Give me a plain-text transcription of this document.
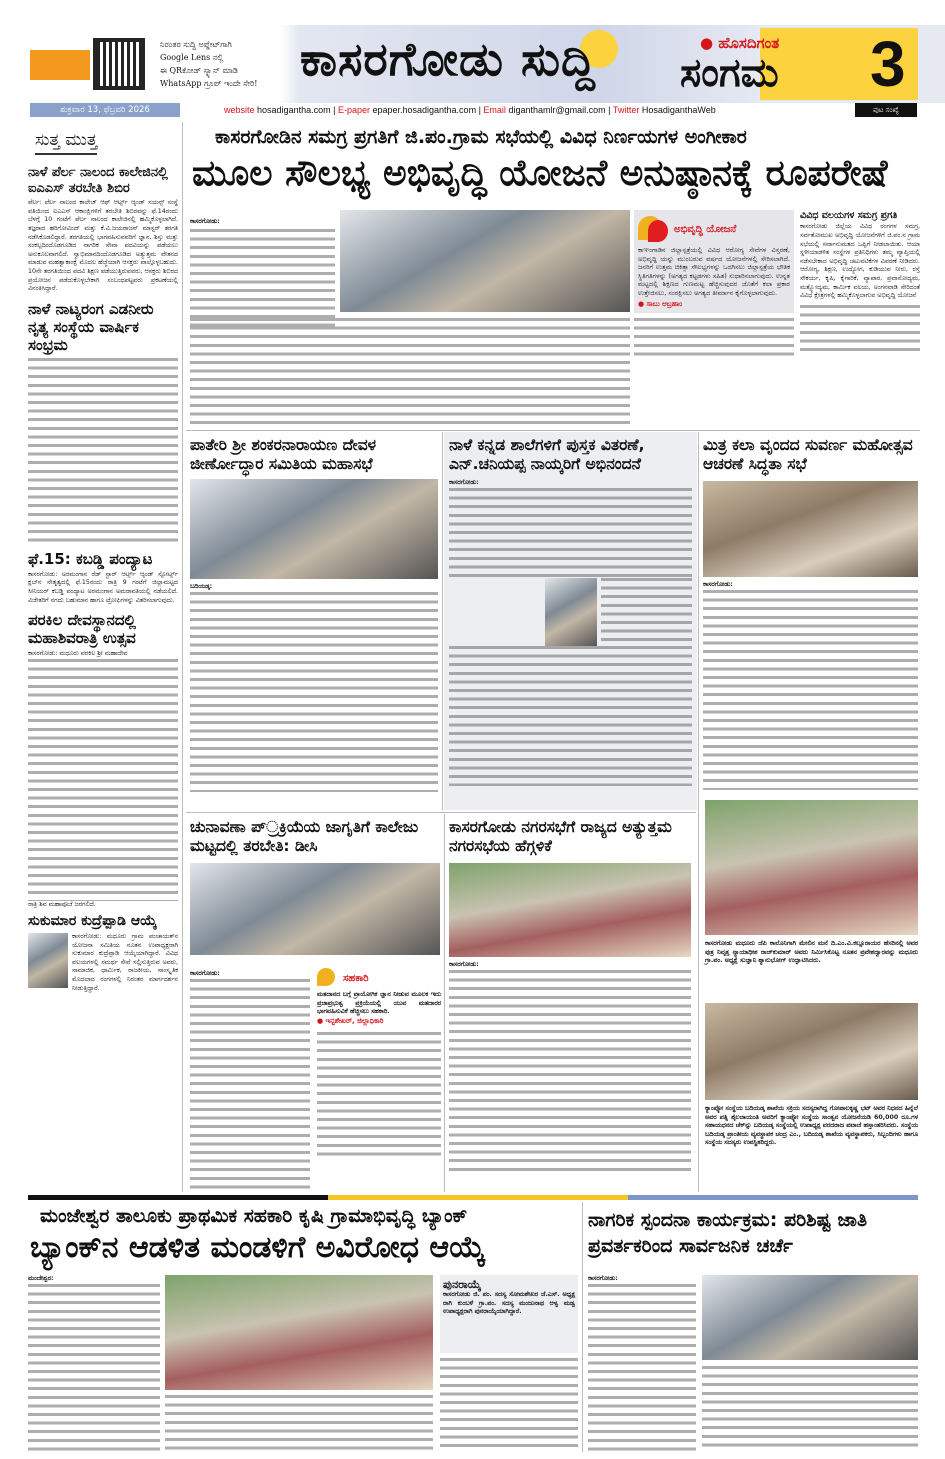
ನಿರಂತರ ಸುದ್ದಿ ಅಪ್ಡೇಟ್‌ಗಾಗಿ
Google Lens ನಲ್ಲಿ
ಈ QRಕೋಡ್ ಸ್ಕ್ಯಾನ್ ಮಾಡಿ
WhatsApp ಗ್ರೂಪ್ ಇಂದೇ ಸೇರಿ! ಕಾಸರಗೋಡು ಸುದ್ದಿ	● ಹೊಸದಿಗಂತ
ಸಂಗಮ 3
ಶುಕ್ರವಾರ 13, ಫೆಬ್ರವರಿ 2026	website hosadigantha.com | E-paper epaper.hosadigantha.com | Email diganthamlr@gmail.com | Twitter HosadiganthaWeb	ಪುಟ ಸಂಖ್ಯೆ
ಸುತ್ತ ಮುತ್ತ
ನಾಳೆ ಪೆರ್ಲ ನಾಲಂದ ಕಾಲೇಜಿನಲ್ಲಿ ಐಎಎಸ್ ತರಬೇತಿ ಶಿಬಿರ
ಪೆರ್ಲ: ಪೆರ್ಲ ನಾಲಂದ ಕಾಲೇಜ್ ಆಫ್ ಆರ್ಟ್ಸ್ ಆ್ಯಂಡ್ ಸಯನ್ಸ್ ಸಂಸ್ಥೆ ವತಿಯಿಂದ ಐಎಎಸ್ ಆಕಾಂಕ್ಷಿಗಳಿಗೆ ತರಬೇತಿ ಶಿಬಿರವನ್ನು ಫೆ.14ರಂದು ಬೆಳಗ್ಗೆ 10 ಗಂಟೆಗೆ ಪೆರ್ಲ ನಾಲಂದ ಕಾಲೇಜಿನಲ್ಲಿ ಹಮ್ಮಿಕೊಳ್ಳಲಾಗಿದೆ. ತಜ್ಞರಾದ ಹರಿಗೋವಿಂದ್ ಮತ್ತು ಕೆ.ವಿ.ಜಯರಾಜನ್ ಮಾಸ್ಟರ್ ತರಗತಿ ನಡೆಸಿಕೊಡಲಿದ್ದಾರೆ. ತರಗತಿಯಲ್ಲಿ ಭಾಗವಹಿಸುವವರಿಗೆ ಜ್ಞಾನ, ಶಿಸ್ತು ಮತ್ತು ಸಂಕಲ್ಪದಿಂದೊಡಗೂಡಿದ ನಾಗರಿಕ ಸೇವಾ ಪದವಿಯನ್ನು ಪಡೆಯಲು ಅನುಕೂಲವಾಗಲಿದೆ. ಸ್ವಾಭಿಮಾನದಿಂದೊಡಗೂಡಿದ ಅತ್ಯುತ್ತಮ ವೇತನದ ಮಾಡುವ ಮಹತ್ವಾಕಾಂಕ್ಷೆ ಮೊದಲ ಹೆಜ್ಜೆಯಾಗಿ ಆಸಕ್ತರು ಪಾಲ್ಗೊಳ್ಳಬಹುದು. 10ನೇ ತರಗತಿಯಿಂದ ಪದವಿ ಶಿಕ್ಷಣ ಪಡೆಯುತ್ತಿರುವವರು, ಆಸಕ್ತರು ಶಿಬಿರದ ಪ್ರಯೋಜನ ಪಡೆದುಕೊಳ್ಳಬೇಕಾಗಿ ಸಂಬಂಧಪಟ್ಟವರು ಪ್ರಕಟಣೆಯಲ್ಲಿ ವಿನಂತಿಸಿದ್ದಾರೆ.
ನಾಳೆ ನಾಟ್ಯರಂಗ ಎಡನೀರು ನೃತ್ಯ ಸಂಸ್ಥೆಯ ವಾರ್ಷಿಕ ಸಂಭ್ರಮ
ಫೆ.15: ಕಬಡ್ಡಿ ಪಂದ್ಯಾಟ
ಕಾಸರಗೋಡು: ಅರಮಂಗಾನ ರೆಡ್ ಸ್ಟಾರ್ ಆರ್ಟ್ಸ್ ಆ್ಯಂಡ್ ಸ್ಪೋರ್ಟ್ಸ್ ಕ್ಲಬ್‌ನ ನೇತೃತ್ವದಲ್ಲಿ ಫೆ.15ರಂದು ರಾತ್ರಿ 9 ಗಂಟೆಗೆ ಜಿಲ್ಲಾಮಟ್ಟದ ಸೀನಿಯರ್ ಕಬಡ್ಡಿ ಪಂದ್ಯಾಟ ಅರಮಂಗಾನ ಅಮರಾವತಿಯಲ್ಲಿ ನಡೆಯಲಿದೆ. ವಿಜೇತರಿಗೆ ನಗದು ಬಹುಮಾನ ಹಾಗೂ ಟ್ರೋಫಿಗಳನ್ನು ವಿತರಿಸಲಾಗುವುದು.
ಪರಕಿಲ ದೇವಸ್ಥಾನದಲ್ಲಿ ಮಹಾಶಿವರಾತ್ರಿ ಉತ್ಸವ
ಕಾಸರಗೋಡು: ಮಧೂರು ಪರಕಿಲ ಶ್ರೀ ಮಹಾದೇವ
ರಾತ್ರಿ ಶಿವ ಮಹಾಪೂಜೆ ಜರಗಲಿದೆ.
ಸುಕುಮಾರ ಕುದ್ರೆಪ್ಪಾಡಿ ಆಯ್ಕೆ
ಕಾಸರಗೋಡು: ಮಧೂರು ಗ್ರಾಮ ಪಂಚಾಯತ್‌ನ ಯೋಜನಾ ಸಮಿತಿಯ ನೂತನ ಉಪಾಧ್ಯಕ್ಷರಾಗಿ ಸುಕುಮಾರ ಕುದ್ರೆಪ್ಪಾಡಿ ಆಯ್ಕೆಯಾಗಿದ್ದಾರೆ. ವಿವಿಧ ವಲಯಗಳಲ್ಲಿ ಸಮರ್ಥ ಸೇವೆ ಸಲ್ಲಿಸುತ್ತಿರುವ ಅವರು, ಸಾಮಾಜಿಕ, ಧಾರ್ಮಿಕ, ರಾಜಕೀಯ, ಸಾಂಸ್ಕೃತಿಕ ಮೊದಲಾದ ರಂಗಗಳಲ್ಲಿ ನಿರಂತರ ಮಾರ್ಗದರ್ಶನ ನೀಡುತ್ತಿದ್ದಾರೆ.
ಕಾಸರಗೋಡಿನ ಸಮಗ್ರ ಪ್ರಗತಿಗೆ ಜಿ.ಪಂ.ಗ್ರಾಮ ಸಭೆಯಲ್ಲಿ ವಿವಿಧ ನಿರ್ಣಯಗಳ ಅಂಗೀಕಾರ
ಮೂಲ ಸೌಲಭ್ಯ ಅಭಿವೃದ್ಧಿ ಯೋಜನೆ ಅನುಷ್ಠಾನಕ್ಕೆ ರೂಪರೇಷೆ
ಕಾಸರಗೋಡು:
ಅಭಿವೃದ್ಧಿ ಯೋಜನೆ
ಕಾಞಂಗಾಡಿನ ಜಿಲ್ಲಾಸ್ಪತ್ರೆಯಲ್ಲಿ ವಿವಿಧ ಆರೋಗ್ಯ ಸೇವೆಗಳ ವಿಸ್ತರಣೆ, ಅಭಿವೃದ್ಧಿ ಯನ್ನು ಮುಂಬರುವ ವರ್ಷದ ಯೋಜನೆಗಳಲ್ಲಿ ಸೇರಿಸಲಾಗಿದೆ. ಜನರಿಗೆ ಉತ್ತಮ ಚಿಕಿತ್ಸಾ ಸೌಲಭ್ಯಗಳನ್ನು ಒದಗಿಸಲು ಜಿಲ್ಲಾಸ್ಪತ್ರೆಯ ಭೌತಿಕ ಸ್ಥಿತಿಗತಿಗಳನ್ನು (ಅಗತ್ಯದ ಕಟ್ಟಡಗಳು ಸಹಿತ) ಸುಧಾರಿಸಲಾಗುವುದು. ಉನ್ನತ ಮಟ್ಟದಲ್ಲಿ ಶಿಕ್ಷಣದ ಗುಣಮಟ್ಟ ಹೆಚ್ಚಿಸುವುದರ ಜೊತೆಗೆ ಕಲಾ ಪ್ರಕಾರ ಉತ್ತೇಜಿಸಲು, ಸಂರಕ್ಷಿಸಲು ಅಗತ್ಯದ ತೀರ್ಮಾನ ಕೈಗೊಳ್ಳಲಾಗುವುದು.
● ಸಾಬು ಅಬ್ರಹಾಂ
ವಿವಿಧ ವಲಯಗಳ ಸಮಗ್ರ ಪ್ರಗತಿ
ಕಾಸರಗೋಡು ಜಿಲ್ಲೆಯ ವಿವಿಧ ರಂಗಗಳ ಸಮಗ್ರ, ಸರ್ವತೋಮುಖ ಅಭಿವೃದ್ಧಿ ಯೋಜನೆಗಳಿಗೆ ಜಿ.ಪಂ.ನ ಗ್ರಾಮ ಸಭೆಯಲ್ಲಿ ಸರ್ವಾನುಮತದ ಒಪ್ಪಿಗೆ ನೀಡಲಾಯಿತು. ಆಯಾ ಸ್ಥಳೀಯಾಡಳಿತ ಸಂಸ್ಥೆಗಳ ಪ್ರತಿನಿಧಿಗಳು ತಮ್ಮ ವ್ಯಾಪ್ತಿಯಲ್ಲಿ ನಡೆಸಬೇಕಾದ ಅಭಿವೃದ್ಧಿ ಚಟುವಟಿಕೆಗಳ ವಿವರಣೆ ನೀಡಿದರು. ಆರೋಗ್ಯ, ಶಿಕ್ಷಣ, ಉದ್ಯೋಗ, ಕುಡಿಯುವ ನೀರು, ರಸ್ತೆ ಸೌಕರ್ಯ, ಕೃಷಿ, ಕೈಗಾರಿಕೆ, ವ್ಯಾಪಾರ, ಪ್ರವಾಸೋದ್ಯಮ, ಮತ್ಸ್ಯೋದ್ಯಮ, ಕಾರ್ಮಿಕ ವಲಯ, ಅಂಗನವಾಡಿ ಸೇರಿದಂತೆ ವಿವಿಧ ಕ್ಷೇತ್ರಗಳಲ್ಲಿ ಹಮ್ಮಿಕೊಳ್ಳಲಾಗುವ ಅಭಿವೃದ್ಧಿ ಯೋಜನೆ
ಪಾತೇರಿ ಶ್ರೀ ಶಂಕರನಾರಾಯಣ ದೇವಳ ಜೀರ್ಣೋದ್ಧಾರ ಸಮಿತಿಯ ಮಹಾಸಭೆ
ಬದಿಯಡ್ಕ:
ನಾಳೆ ಕನ್ನಡ ಶಾಲೆಗಳಿಗೆ ಪುಸ್ತಕ ವಿತರಣೆ, ಎನ್.ಚನಿಯಪ್ಪ ನಾಯ್ಕರಿಗೆ ಅಭಿನಂದನೆ
ಕಾಸರಗೋಡು:
ಮಿತ್ರ ಕಲಾ ವೃಂದದ ಸುವರ್ಣ ಮಹೋತ್ಸವ ಆಚರಣೆ ಸಿದ್ಧತಾ ಸಭೆ
ಕಾಸರಗೋಡು:
ಚುನಾವಣಾ ಪ್್ರಕ್ರಿಯೆಯ ಜಾಗೃತಿಗೆ ಕಾಲೇಜು ಮಟ್ಟದಲ್ಲಿ ತರಬೇತಿ: ಡೀಸಿ
ಕಾಸರಗೋಡು:	ಸಹಕಾರಿ
ಮತದಾನದ ಬಗ್ಗೆ ಪ್ರಾಯೋಗಿಕ ಜ್ಞಾನ ನೀಡುವ ಮೂಲಕ ಇದು ಪ್ರಜಾಪ್ರಭುತ್ವ ಪ್ರಕ್ರಿಯೆಯಲ್ಲಿ ಯುವ ಮತದಾರರ ಭಾಗವಹಿಸುವಿಕೆ ಹೆಚ್ಚಿಸಲು ಸಹಕಾರಿ.
● ಇನ್ಬಶೇಖರ್, ಜಿಲ್ಲಾಧಿಕಾರಿ
ಕಾಸರಗೋಡು ನಗರಸಭೆಗೆ ರಾಜ್ಯದ ಅತ್ಯುತ್ತಮ ನಗರಸಭೆಯ ಹೆಗ್ಗಳಿಕೆ
ಕಾಸರಗೋಡು:
ಕಾಸರಗೋಡು ಮಧೂರು ಜೆಪಿ ಕಾಲೊನಿಗಾಗಿ ಮೇಲಿನ ಮನೆ ದಿ.ಎಂ.ವಿ.ಕಲ್ಲೂರಾಯರ ಹೆಸರಿನಲ್ಲಿ ಅವರ ಪುತ್ರ ನಿವೃತ್ತ ನ್ಯಾಯಾಧೀಶ ರಾಜ್‌ಕುಮಾರ್ ಅವರು ನಿರ್ಮಿಸಿಕೊಟ್ಟ ನೂತನ ಪ್ರವೇಶದ್ವಾರವನ್ನು ಮಧೂರು ಗ್ರಾ.ಪಂ. ಅಧ್ಯಕ್ಷೆ ಸುಜ್ಞಾನಿ ಶ್ಯಾನುಭೋಗ್ ಉದ್ಘಾಟಿಸಿದರು.
ಕ್ಯಾಂಪ್ಕೋ ಸಂಸ್ಥೆಯ ಬದಿಯಡ್ಕ ಶಾಖೆಯ ಸಕ್ರಿಯ ಸದಸ್ಯರಾಗಿದ್ದ ಗೋಪಾಲಕೃಷ್ಣ ಭಟ್ ಅವರ ನಿಧನದ ಹಿನ್ನೆಲೆ ಅವರ ಪತ್ನಿ ಶೈಲಜಾಯಂತಿ ಅವರಿಗೆ ಕ್ಯಾಂಪ್ಕೋ ಸಂಸ್ಥೆಯ ಸಾಂತ್ವನ ಯೋಜನೆಯಡಿ 60,000 ರೂ.ಗಳ ಸಹಾಯಧನದ ಚೆಕ್‌ನ್ನು ಬದಿಯಡ್ಕ ಸಂಸ್ಥೆಯಲ್ಲಿ ಉಪಾಧ್ಯಕ್ಷ ವರದರಾಜ ಪಟಾಜೆ ಹಸ್ತಾಂತರಿಸಿದರು. ಸಂಸ್ಥೆಯ ಬದಿಯಡ್ಕ ಪ್ರಾಂತೀಯ ವ್ಯವಸ್ಥಾಪಕ ಚಂದ್ರ ಎಂ., ಬದಿಯಡ್ಕ ಶಾಖೆಯ ವ್ಯವಸ್ಥಾಪಕರು, ಸಿಬ್ಬಂದಿಗಳು ಹಾಗೂ ಸಂಸ್ಥೆಯ ಸದಸ್ಯರು ಉಪಸ್ಥಿತರಿದ್ದರು.
ಮಂಜೇಶ್ವರ ತಾಲೂಕು ಪ್ರಾಥಮಿಕ ಸಹಕಾರಿ ಕೃಷಿ ಗ್ರಾಮಾಭಿವೃದ್ಧಿ ಬ್ಯಾಂಕ್
ಬ್ಯಾಂಕ್‌ನ ಆಡಳಿತ ಮಂಡಳಿಗೆ ಅವಿರೋಧ ಆಯ್ಕೆ
ಮಂಜೇಶ್ವರ:	ಪುನರಾಯ್ಕೆ
ಕಾಸರಗೋಡು ಜಿ. ಪಂ. ಸದಸ್ಯ ಸೋಮಶೇಖರ ಜೆ.ಎಸ್. ಅಧ್ಯಕ್ಷ ರಾಗಿ ಕುಂಬಳೆ ಗ್ರಾ.ಪಂ. ಸದಸ್ಯ ಮಂಜುನಾಥ ಆಳ್ವ ಮಡ್ವ ಉಪಾಧ್ಯಕ್ಷರಾಗಿ ಪುನರಾಯ್ಕೆಯಾಗಿದ್ದಾರೆ.
ನಾಗರಿಕ ಸ್ಪಂದನಾ ಕಾರ್ಯಕ್ರಮ: ಪರಿಶಿಷ್ಟ ಜಾತಿ ಪ್ರವರ್ತಕರಿಂದ ಸಾರ್ವಜನಿಕ ಚರ್ಚೆ
ಕಾಸರಗೋಡು:
